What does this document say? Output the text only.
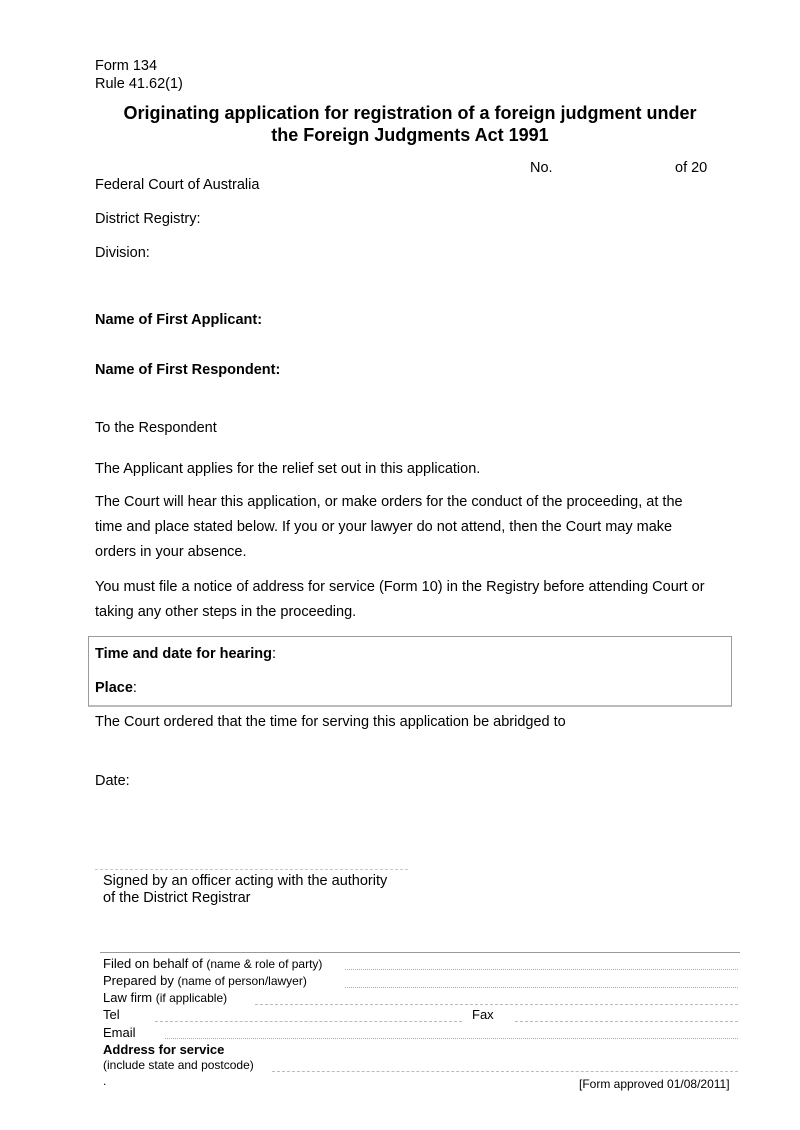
Form 134
Rule 41.62(1)
Originating application for registration of a foreign judgment under
the Foreign Judgments Act 1991
No.	of 20
Federal Court of Australia
District Registry:
Division:
Name of First Applicant:
Name of First Respondent:
To the Respondent
The Applicant applies for the relief set out in this application.
The Court will hear this application, or make orders for the conduct of the proceeding, at the
time and place stated below. If you or your lawyer do not attend, then the Court may make
orders in your absence.
You must file a notice of address for service (Form 10) in the Registry before attending Court or
taking any other steps in the proceeding.
Time and date for hearing:
Place:
The Court ordered that the time for serving this application be abridged to
Date:
Signed by an officer acting with the authority
of the District Registrar
Filed on behalf of (name & role of party)
Prepared by (name of person/lawyer)
Law firm (if applicable)
Tel	Fax
Email
Address for service
(include state and postcode)
.	[Form approved 01/08/2011]
